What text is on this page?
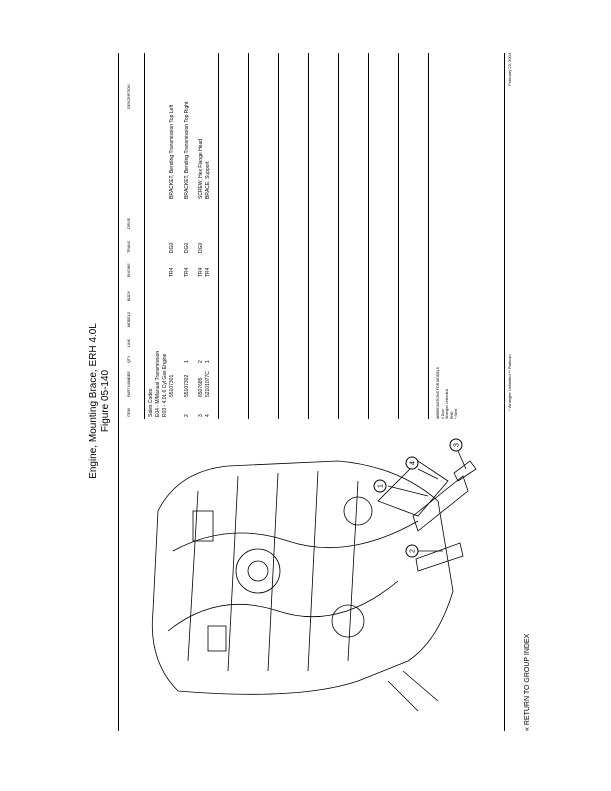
Engine, Mounting Brace, ERH 4.0L Figure 05-140
1
2
3
4
ITEM
PART NUMBER
QTY
LINK
MODELS
BODY
ENGINE
TRANS
DRIVE
DESCRIPTION
Sales Codes E04 - M/Manual Transmission R03 - 4.0L 6 Cyl Gas Engine 55107301
TR4
DG0
BRACKET, Bending Transmission Top Left
2
55107302
1
TR4
DG0
BRACKET, Bending Transmission Top Right
3
6507685
2
TR4
DG0
SCREW, Hex Flange Head
4
52101077C
1
TR4
BRACE, Support
ABBREVIATIONS FOR MODELS 4 Door Wrangler Unlimited RHD * Steel
* Wrangler Unlimited ** Rubicon
February 23, 2004
« RETURN TO GROUP INDEX
